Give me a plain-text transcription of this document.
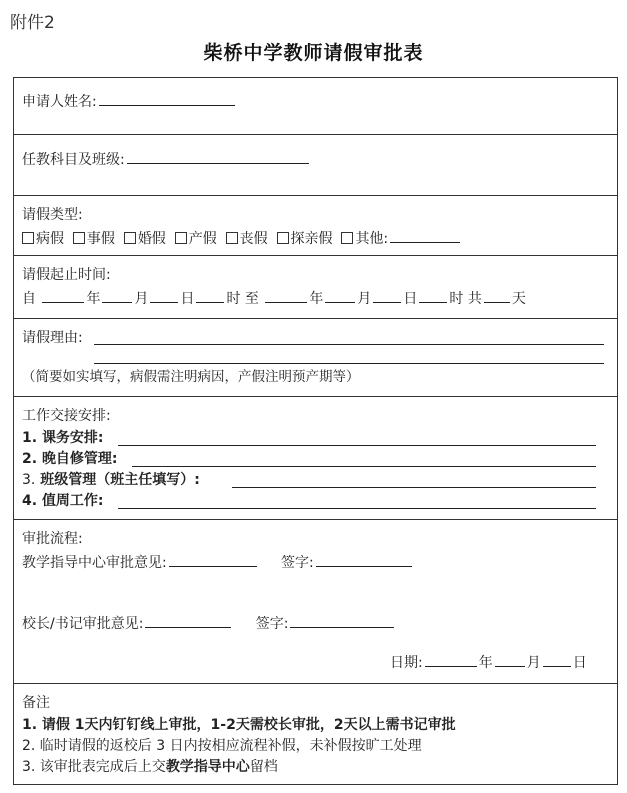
附件2
柴桥中学教师请假审批表
申请人姓名:
任教科目及班级:
请假类型:
病假 事假 婚假 产假 丧假 探亲假 其他:
请假起止时间:
自	年 月 日 时 至	年 月 日 时 共 天
请假理由:
（简要如实填写，病假需注明病因，产假注明预产期等）
工作交接安排:
1. 课务安排:
2. 晚自修管理:
3. 班级管理（班主任填写）:
4. 值周工作:
审批流程:
教学指导中心审批意见:	签字:
校长/书记审批意见:	签字:
日期:	年 月 日
备注
1. 请假 1天内钉钉线上审批，1-2天需校长审批，2天以上需书记审批
2. 临时请假的返校后 3 日内按相应流程补假，未补假按旷工处理
3. 该审批表完成后上交教学指导中心留档
